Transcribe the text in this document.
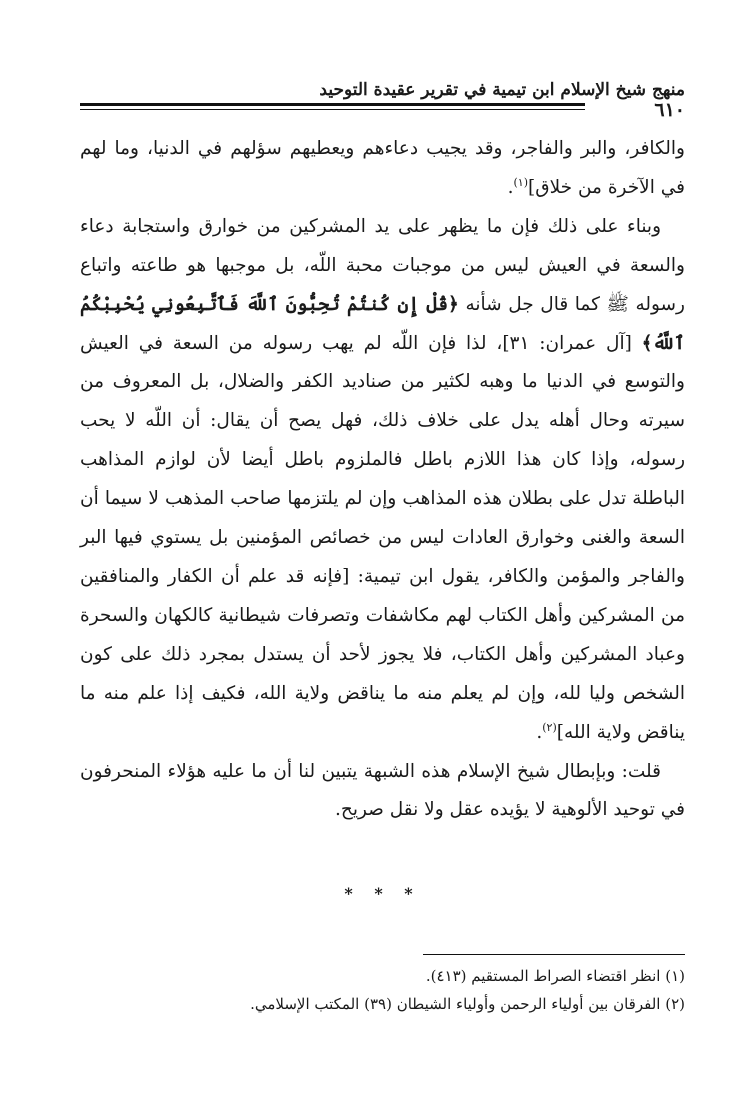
منهج شيخ الإسلام ابن تيمية في تقرير عقيدة التوحيد
٦١٠

والكافر، والبر والفاجر، وقد يجيب دعاءهم ويعطيهم سؤلهم في الدنيا، وما لهم في الآخرة من خلاق]$^{(١)}$.

وبناء على ذلك فإن ما يظهر على يد المشركين من خوارق واستجابة دعاء والسعة في العيش ليس من موجبات محبة اللّه، بل موجبها هو طاعته واتباع رسوله ﷺ كما قال جل شأنه ﴿قُلْ إِن كُنتُمْ تُحِبُّونَ ٱللَّهَ فَٱتَّبِعُونِي يُحْبِبْكُمُ ٱللَّهُ﴾ [آل عمران: ٣١]، لذا فإن اللّه لم يهب رسوله من السعة في العيش والتوسع في الدنيا ما وهبه لكثير من صناديد الكفر والضلال، بل المعروف من سيرته وحال أهله يدل على خلاف ذلك، فهل يصح أن يقال: أن اللّه لا يحب رسوله، وإذا كان هذا اللازم باطل فالملزوم باطل أيضا لأن لوازم المذاهب الباطلة تدل على بطلان هذه المذاهب وإن لم يلتزمها صاحب المذهب لا سيما أن السعة والغنى وخوارق العادات ليس من خصائص المؤمنين بل يستوي فيها البر والفاجر والمؤمن والكافر، يقول ابن تيمية: [فإنه قد علم أن الكفار والمنافقين من المشركين وأهل الكتاب لهم مكاشفات وتصرفات شيطانية كالكهان والسحرة وعباد المشركين وأهل الكتاب، فلا يجوز لأحد أن يستدل بمجرد ذلك على كون الشخص وليا لله، وإن لم يعلم منه ما يناقض ولاية الله، فكيف إذا علم منه ما يناقض ولاية الله]$^{(٢)}$.

قلت: وبإبطال شيخ الإسلام هذه الشبهة يتبين لنا أن ما عليه هؤلاء المنحرفون في توحيد الألوهية لا يؤيده عقل ولا نقل صريح.

* * *
(١) انظر اقتضاء الصراط المستقيم (٤١٣).
(٢) الفرقان بين أولياء الرحمن وأولياء الشيطان (٣٩) المكتب الإسلامي.
